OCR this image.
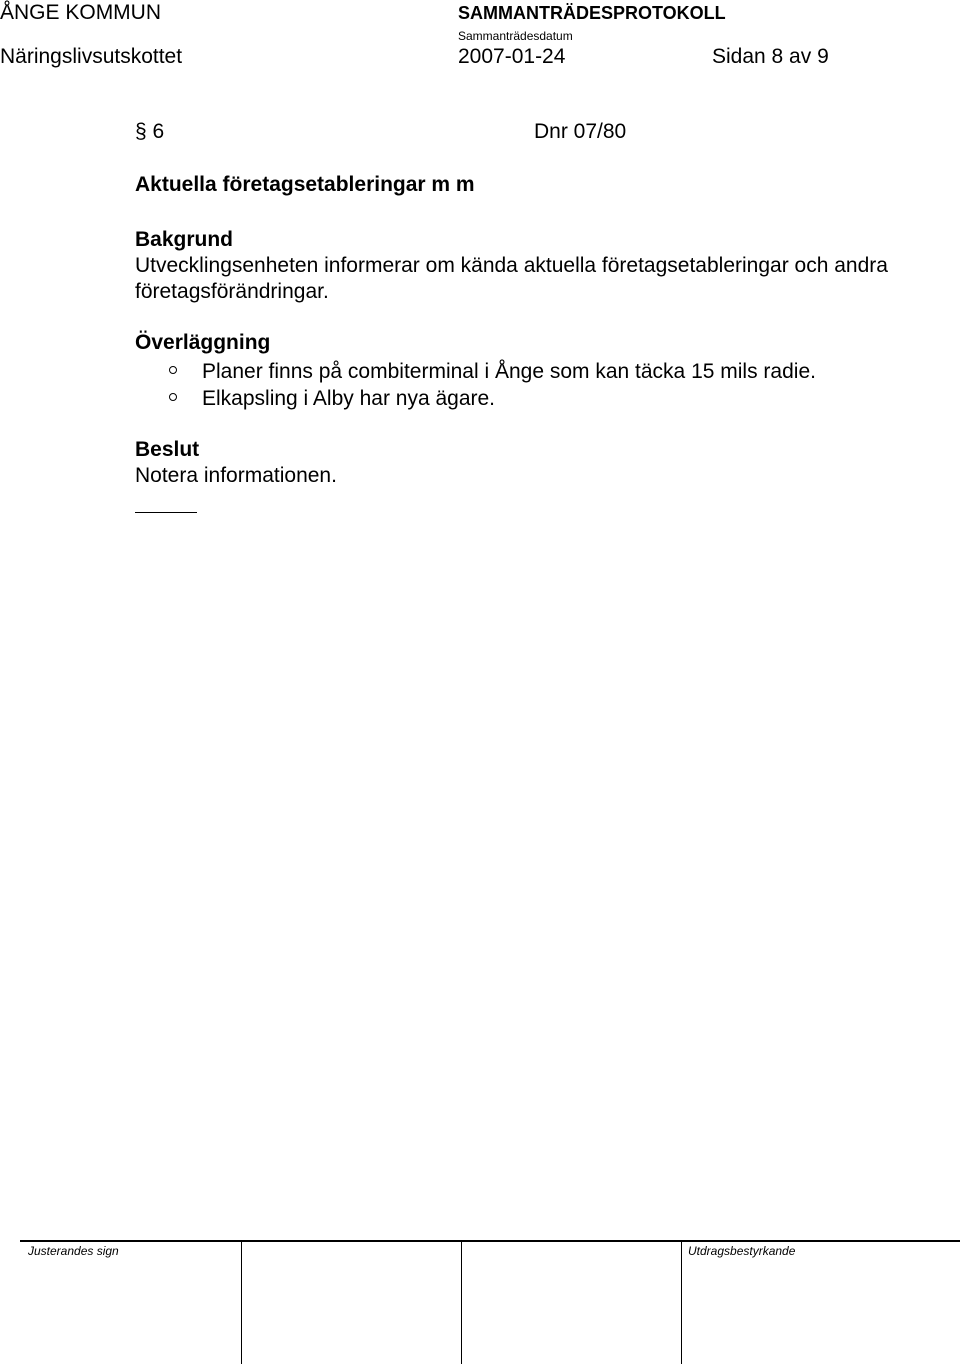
ÅNGE KOMMUN	SAMMANTRÄDESPROTOKOLL
Sammanträdesdatum
Näringslivsutskottet	2007-01-24	Sidan 8 av 9
§ 6	Dnr 07/80
Aktuella företagsetableringar m m
Bakgrund

Utvecklingsenheten informerar om kända aktuella företagsetableringar och andra företagsförändringar.

Överläggning
Planer finns på combiterminal i Ånge som kan täcka 15 mils radie.
Elkapsling i Alby har nya ägare.
Beslut
Notera informationen.
Justerandes sign	Utdragsbestyrkande
